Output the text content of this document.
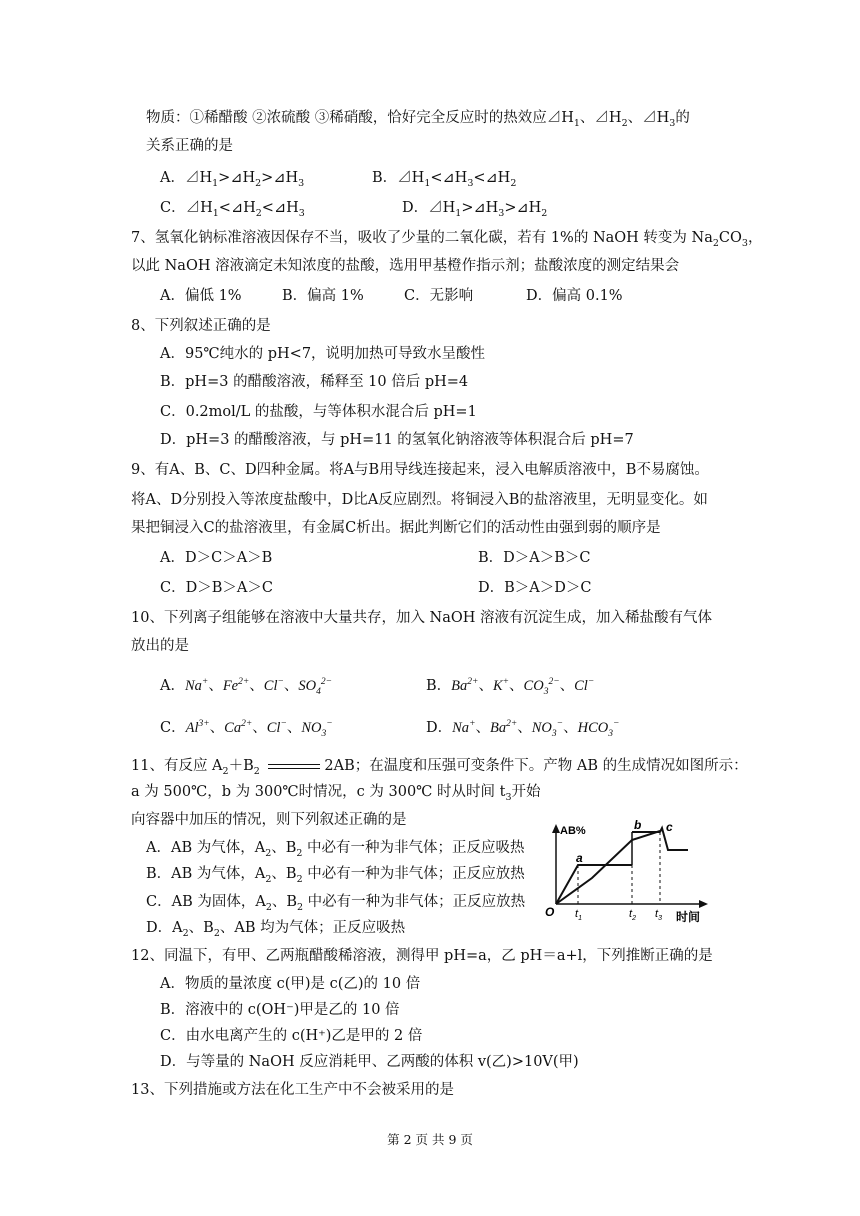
物质：①稀醋酸 ②浓硫酸 ③稀硝酸，恰好完全反应时的热效应$⊿H_1$、$⊿H_2$、$⊿H_3$的
关系正确的是
A．$⊿H_1>⊿H_2>⊿H_3$	B．$⊿H_1<⊿H_3<⊿H_2$
C．$⊿H_1<⊿H_2<⊿H_3$	D．$⊿H_1>⊿H_3>⊿H_2$
7、氢氧化钠标准溶液因保存不当，吸收了少量的二氧化碳，若有 1%的 NaOH 转变为 $Na_2CO_3$，
以此 NaOH 溶液滴定未知浓度的盐酸，选用甲基橙作指示剂；盐酸浓度的测定结果会
A．偏低 1%	B．偏高 1%	C．无影响	D．偏高 0.1%
8、下列叙述正确的是
A．95℃纯水的 pH<7，说明加热可导致水呈酸性
B．pH=3 的醋酸溶液，稀释至 10 倍后 pH=4
C．0.2mol/L 的盐酸，与等体积水混合后 pH=1
D．pH=3 的醋酸溶液，与 pH=11 的氢氧化钠溶液等体积混合后 pH=7
9、有A、B、C、D四种金属。将A与B用导线连接起来，浸入电解质溶液中，B不易腐蚀。
将A、D分别投入等浓度盐酸中，D比A反应剧烈。将铜浸入B的盐溶液里，无明显变化。如
果把铜浸入C的盐溶液里，有金属C析出。据此判断它们的活动性由强到弱的顺序是
A．D＞C＞A＞B	B．D＞A＞B＞C
C．D＞B＞A＞C	D．B＞A＞D＞C
10、下列离子组能够在溶液中大量共存，加入 NaOH 溶液有沉淀生成，加入稀盐酸有气体
放出的是
A．Na+、$Fe^{2+}$、Cl−、$SO_4^{2-}$	B．$Ba^{2+}$、K+、$CO_3^{2-}$、Cl−
C．$Al^{3+}$、$Ca^{2+}$、Cl−、$NO_3^-$	D．Na+、$Ba^{2+}$、$NO_3^-$、$HCO_3^-$
11、有反应 $A_2+B_2$	2AB；在温度和压强可变条件下。产物 AB 的生成情况如图所示：
a 为 500℃，b 为 300℃时情况，c 为 300℃ 时从时间 $t_3$开始
向容器中加压的情况，则下列叙述正确的是
A．AB 为气体，$A_2$、$B_2$ 中必有一种为非气体；正反应吸热
B．AB 为气体，$A_2$、$B_2$ 中必有一种为非气体；正反应放热
C．AB 为固体，$A_2$、$B_2$ 中必有一种为非气体；正反应放热
D．$A_2$、$B_2$、AB 均为气体；正反应吸热
AB%
时间
O
a
b c
$t_1$	$t_2$ $t_3$
12、同温下，有甲、乙两瓶醋酸稀溶液，测得甲 pH=a，乙 pH＝a+l，下列推断正确的是
A．物质的量浓度 c(甲)是 c(乙)的 10 倍
B．溶液中的 c(OH⁻)甲是乙的 10 倍
C．由水电离产生的 c(H⁺)乙是甲的 2 倍
D．与等量的 NaOH 反应消耗甲、乙两酸的体积 v(乙)>10V(甲)
13、下列措施或方法在化工生产中不会被采用的是
第 2 页 共 9 页
